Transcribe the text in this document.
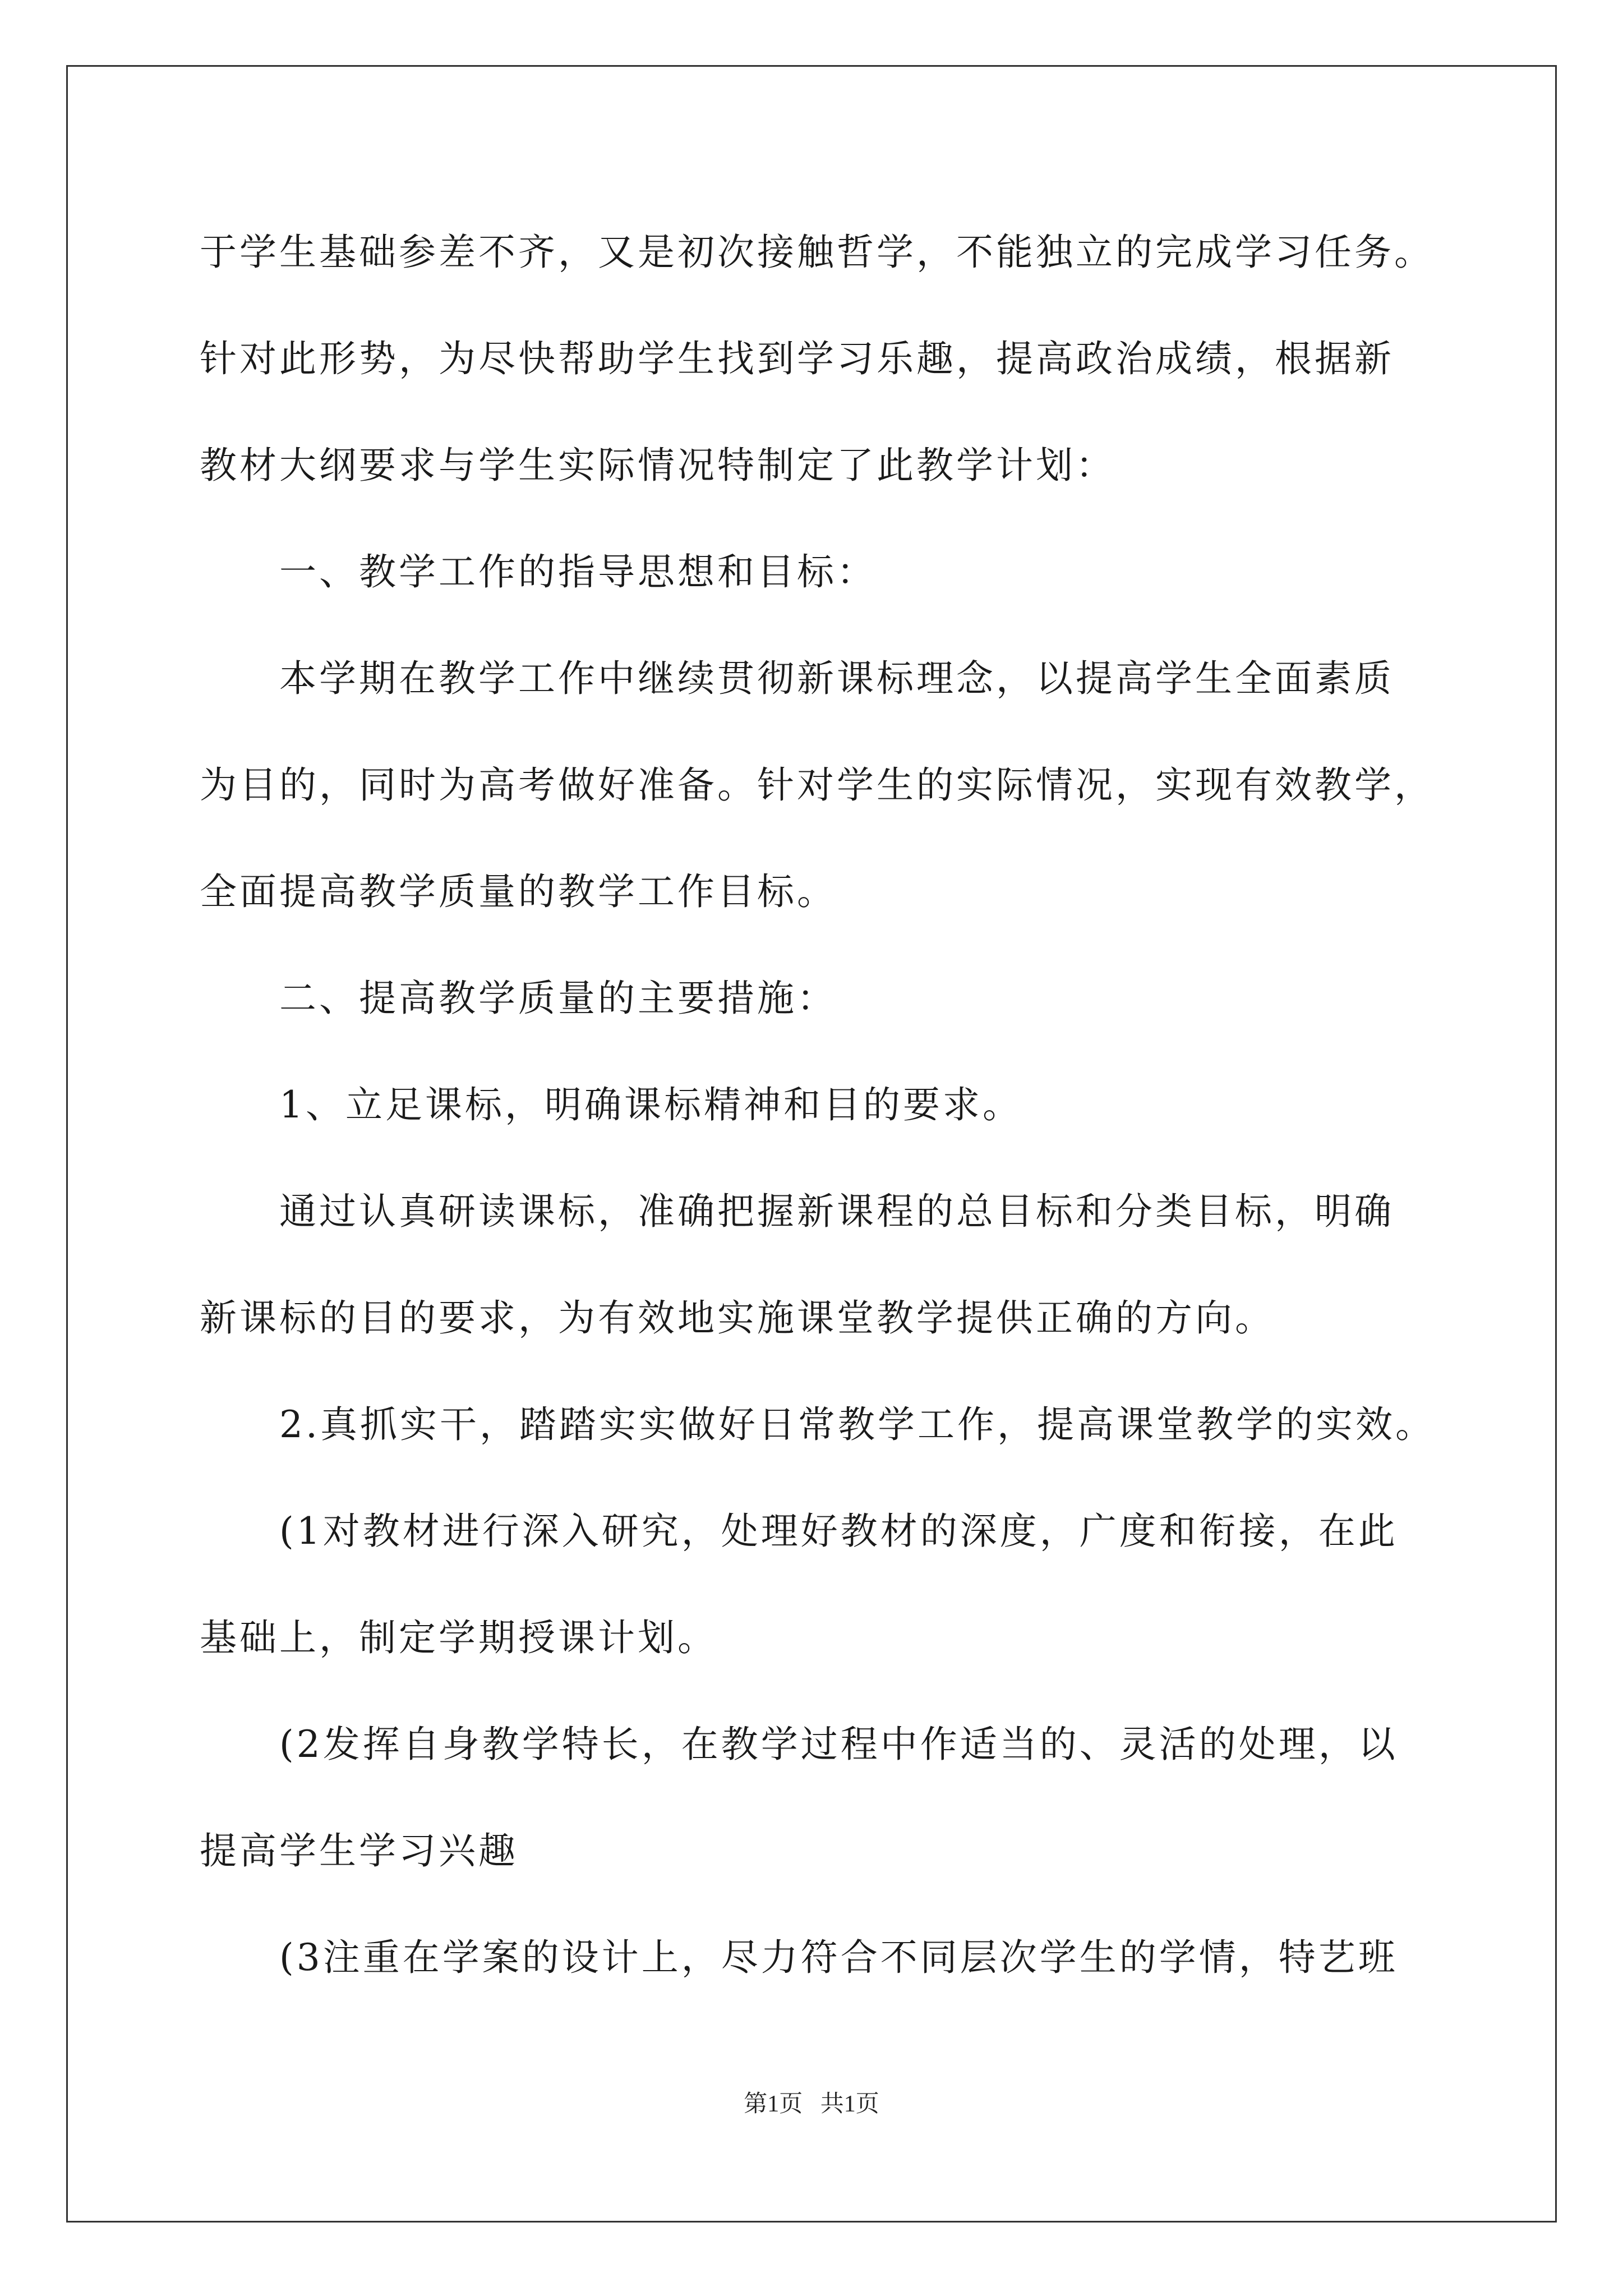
于学生基础参差不齐，又是初次接触哲学，不能独立的完成学习任务。

针对此形势，为尽快帮助学生找到学习乐趣，提高政治成绩，根据新

教材大纲要求与学生实际情况特制定了此教学计划：

一、教学工作的指导思想和目标：

本学期在教学工作中继续贯彻新课标理念，以提高学生全面素质

为目的，同时为高考做好准备。针对学生的实际情况，实现有效教学，

全面提高教学质量的教学工作目标。

二、提高教学质量的主要措施：

1、立足课标，明确课标精神和目的要求。

通过认真研读课标，准确把握新课程的总目标和分类目标，明确

新课标的目的要求，为有效地实施课堂教学提供正确的方向。

2.真抓实干，踏踏实实做好日常教学工作，提高课堂教学的实效。

(1对教材进行深入研究，处理好教材的深度，广度和衔接，在此

基础上，制定学期授课计划。

(2发挥自身教学特长，在教学过程中作适当的、灵活的处理，以

提高学生学习兴趣

(3注重在学案的设计上，尽力符合不同层次学生的学情，特艺班

第1页   共1页
